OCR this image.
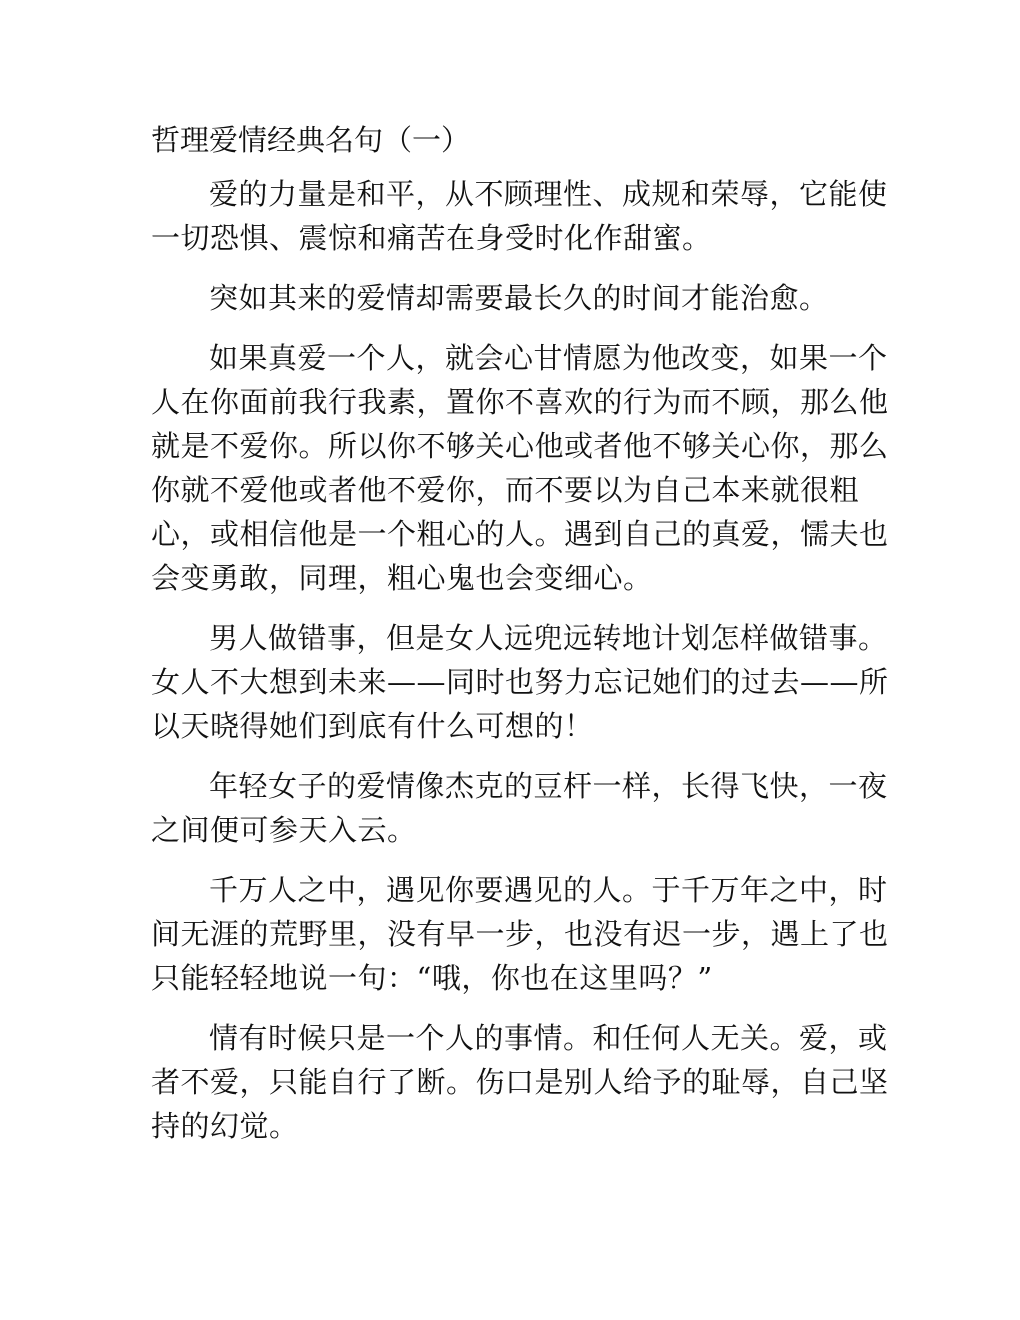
哲理爱情经典名句（一）

爱的力量是和平，从不顾理性、成规和荣辱，它能使一切恐惧、震惊和痛苦在身受时化作甜蜜。

突如其来的爱情却需要最长久的时间才能治愈。

如果真爱一个人，就会心甘情愿为他改变，如果一个人在你面前我行我素，置你不喜欢的行为而不顾，那么他就是不爱你。所以你不够关心他或者他不够关心你，那么你就不爱他或者他不爱你，而不要以为自己本来就很粗心，或相信他是一个粗心的人。遇到自己的真爱，懦夫也会变勇敢，同理，粗心鬼也会变细心。

男人做错事，但是女人远兜远转地计划怎样做错事。女人不大想到未来——同时也努力忘记她们的过去——所以天晓得她们到底有什么可想的！

年轻女子的爱情像杰克的豆杆一样，长得飞快，一夜之间便可参天入云。

千万人之中，遇见你要遇见的人。于千万年之中，时间无涯的荒野里，没有早一步，也没有迟一步，遇上了也只能轻轻地说一句：“哦，你也在这里吗？”

情有时候只是一个人的事情。和任何人无关。爱，或者不爱，只能自行了断。伤口是别人给予的耻辱，自己坚持的幻觉。
